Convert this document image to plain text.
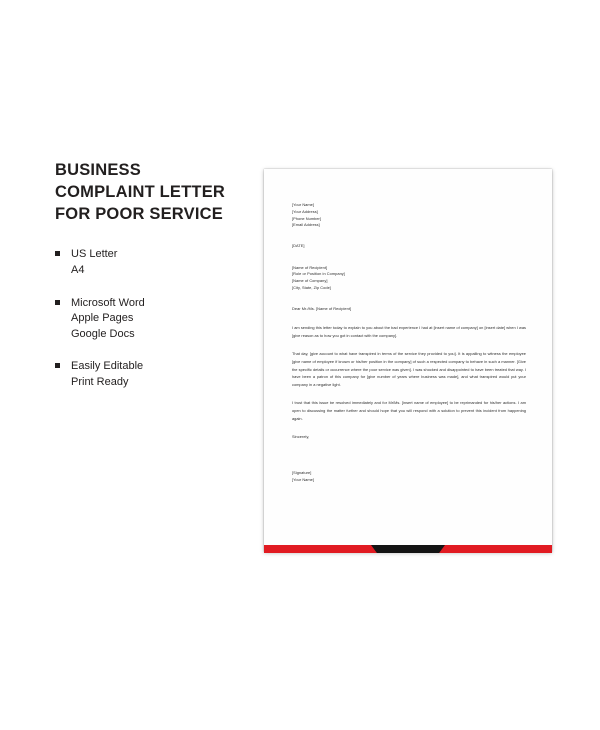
BUSINESS COMPLAINT LETTER FOR POOR SERVICE
US Letter
A4
Microsoft Word
Apple Pages
Google Docs
Easily Editable
Print Ready
[Your Name]
[Your Address]
[Phone Number]
[Email Address]
[DATE]
[Name of Recipient]
[Role or Position in Company]
[Name of Company]
[City, State, Zip Code]
Dear Mr./Ms. [Name of Recipient]
I am sending this letter today to explain to you about the bad experience I had at [insert name of company] on [insert date] when I was [give reason as to how you got in contact with the company].
That day, [give account to what have transpired in terms of the service they provided to you]. It is appalling to witness the employee [give name of employee if known or his/her position in the company] of such a respected company to behave in such a manner. [Give the specific details or occurrence where the poor service was given]. I was shocked and disappointed to have been treated that way. I have been a patron of this company for [give number of years where business was made], and what transpired would put your company in a negative light.
I trust that this issue be resolved immediately and for Mr/Ms. [insert name of employee] to be reprimanded for his/her actions. I am open to discussing the matter further and should hope that you will respond with a solution to prevent this incident from happening again.
Sincerely,
[Signature]
[Your Name]
